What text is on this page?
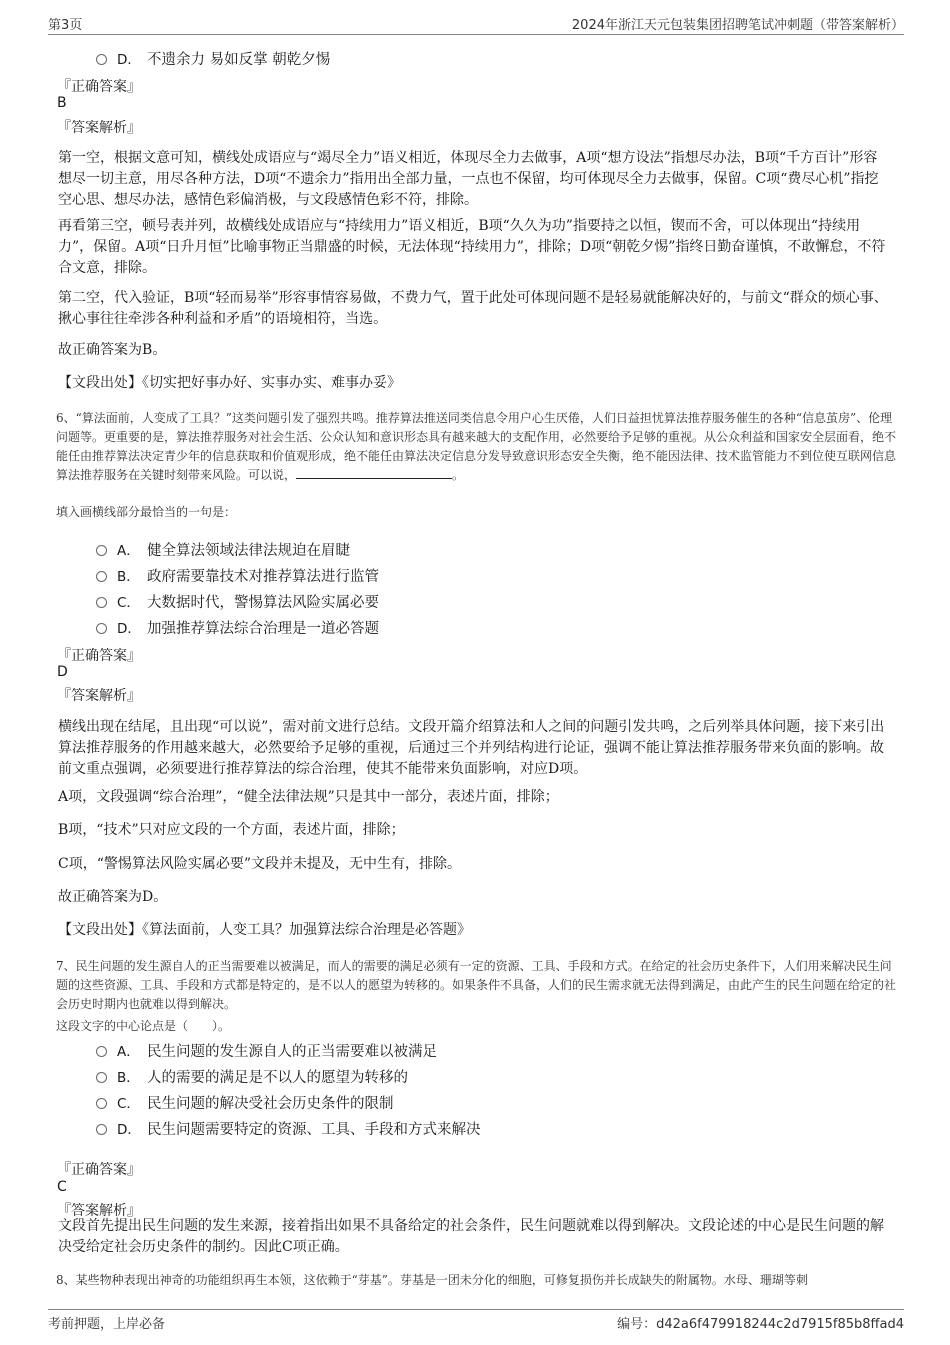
第3页	2024年浙江天元包装集团招聘笔试冲刺题（带答案解析）
D． 不遗余力 易如反掌 朝乾夕惕
『正确答案』
B
『答案解析』
第一空，根据文意可知，横线处成语应与“竭尽全力”语义相近，体现尽全力去做事，A项“想方设法”指想尽办法，B项“千方百计”形容想尽一切主意，用尽各种方法，D项“不遗余力”指用出全部力量，一点也不保留，均可体现尽全力去做事，保留。C项“费尽心机”指挖空心思、想尽办法，感情色彩偏消极，与文段感情色彩不符，排除。
再看第三空，顿号表并列，故横线处成语应与“持续用力”语义相近，B项“久久为功”指要持之以恒，锲而不舍，可以体现出“持续用力”，保留。A项“日升月恒”比喻事物正当鼎盛的时候，无法体现“持续用力”，排除；D项“朝乾夕惕”指终日勤奋谨慎，不敢懈怠，不符合文意，排除。
第二空，代入验证，B项“轻而易举”形容事情容易做，不费力气，置于此处可体现问题不是轻易就能解决好的，与前文“群众的烦心事、揪心事往往牵涉各种利益和矛盾”的语境相符，当选。
故正确答案为B。
【文段出处】《切实把好事办好、实事办实、难事办妥》
6、“算法面前，人变成了工具？”这类问题引发了强烈共鸣。推荐算法推送同类信息令用户心生厌倦，人们日益担忧算法推荐服务催生的各种“信息茧房”、伦理问题等。更重要的是，算法推荐服务对社会生活、公众认知和意识形态具有越来越大的支配作用，必然要给予足够的重视。从公众利益和国家安全层面看，绝不能任由推荐算法决定青少年的信息获取和价值观形成，绝不能任由算法决定信息分发导致意识形态安全失衡，绝不能因法律、技术监管能力不到位使互联网信息算法推荐服务在关键时刻带来风险。可以说，	。
填入画横线部分最恰当的一句是：
A． 健全算法领域法律法规迫在眉睫
B． 政府需要靠技术对推荐算法进行监管
C． 大数据时代，警惕算法风险实属必要
D． 加强推荐算法综合治理是一道必答题
『正确答案』
D
『答案解析』
横线出现在结尾，且出现“可以说”，需对前文进行总结。文段开篇介绍算法和人之间的问题引发共鸣，之后列举具体问题，接下来引出算法推荐服务的作用越来越大，必然要给予足够的重视，后通过三个并列结构进行论证，强调不能让算法推荐服务带来负面的影响。故前文重点强调，必须要进行推荐算法的综合治理，使其不能带来负面影响，对应D项。
A项，文段强调“综合治理”，“健全法律法规”只是其中一部分，表述片面，排除；
B项，“技术”只对应文段的一个方面，表述片面，排除；
C项，“警惕算法风险实属必要”文段并未提及，无中生有，排除。
故正确答案为D。
【文段出处】《算法面前，人变工具？加强算法综合治理是必答题》
7、民生问题的发生源自人的正当需要难以被满足，而人的需要的满足必须有一定的资源、工具、手段和方式。在给定的社会历史条件下，人们用来解决民生问题的这些资源、工具、手段和方式都是特定的，是不以人的愿望为转移的。如果条件不具备，人们的民生需求就无法得到满足，由此产生的民生问题在给定的社会历史时期内也就难以得到解决。
这段文字的中心论点是（　　）。
A． 民生问题的发生源自人的正当需要难以被满足
B． 人的需要的满足是不以人的愿望为转移的
C． 民生问题的解决受社会历史条件的限制
D． 民生问题需要特定的资源、工具、手段和方式来解决
『正确答案』
C
『答案解析』
文段首先提出民生问题的发生来源，接着指出如果不具备给定的社会条件，民生问题就难以得到解决。文段论述的中心是民生问题的解决受给定社会历史条件的制约。因此C项正确。
8、某些物种表现出神奇的功能组织再生本领，这依赖于“芽基”。芽基是一团未分化的细胞，可修复损伤并长成缺失的附属物。水母、珊瑚等刺
考前押题，上岸必备	编号：d42a6f479918244c2d7915f85b8ffad4
